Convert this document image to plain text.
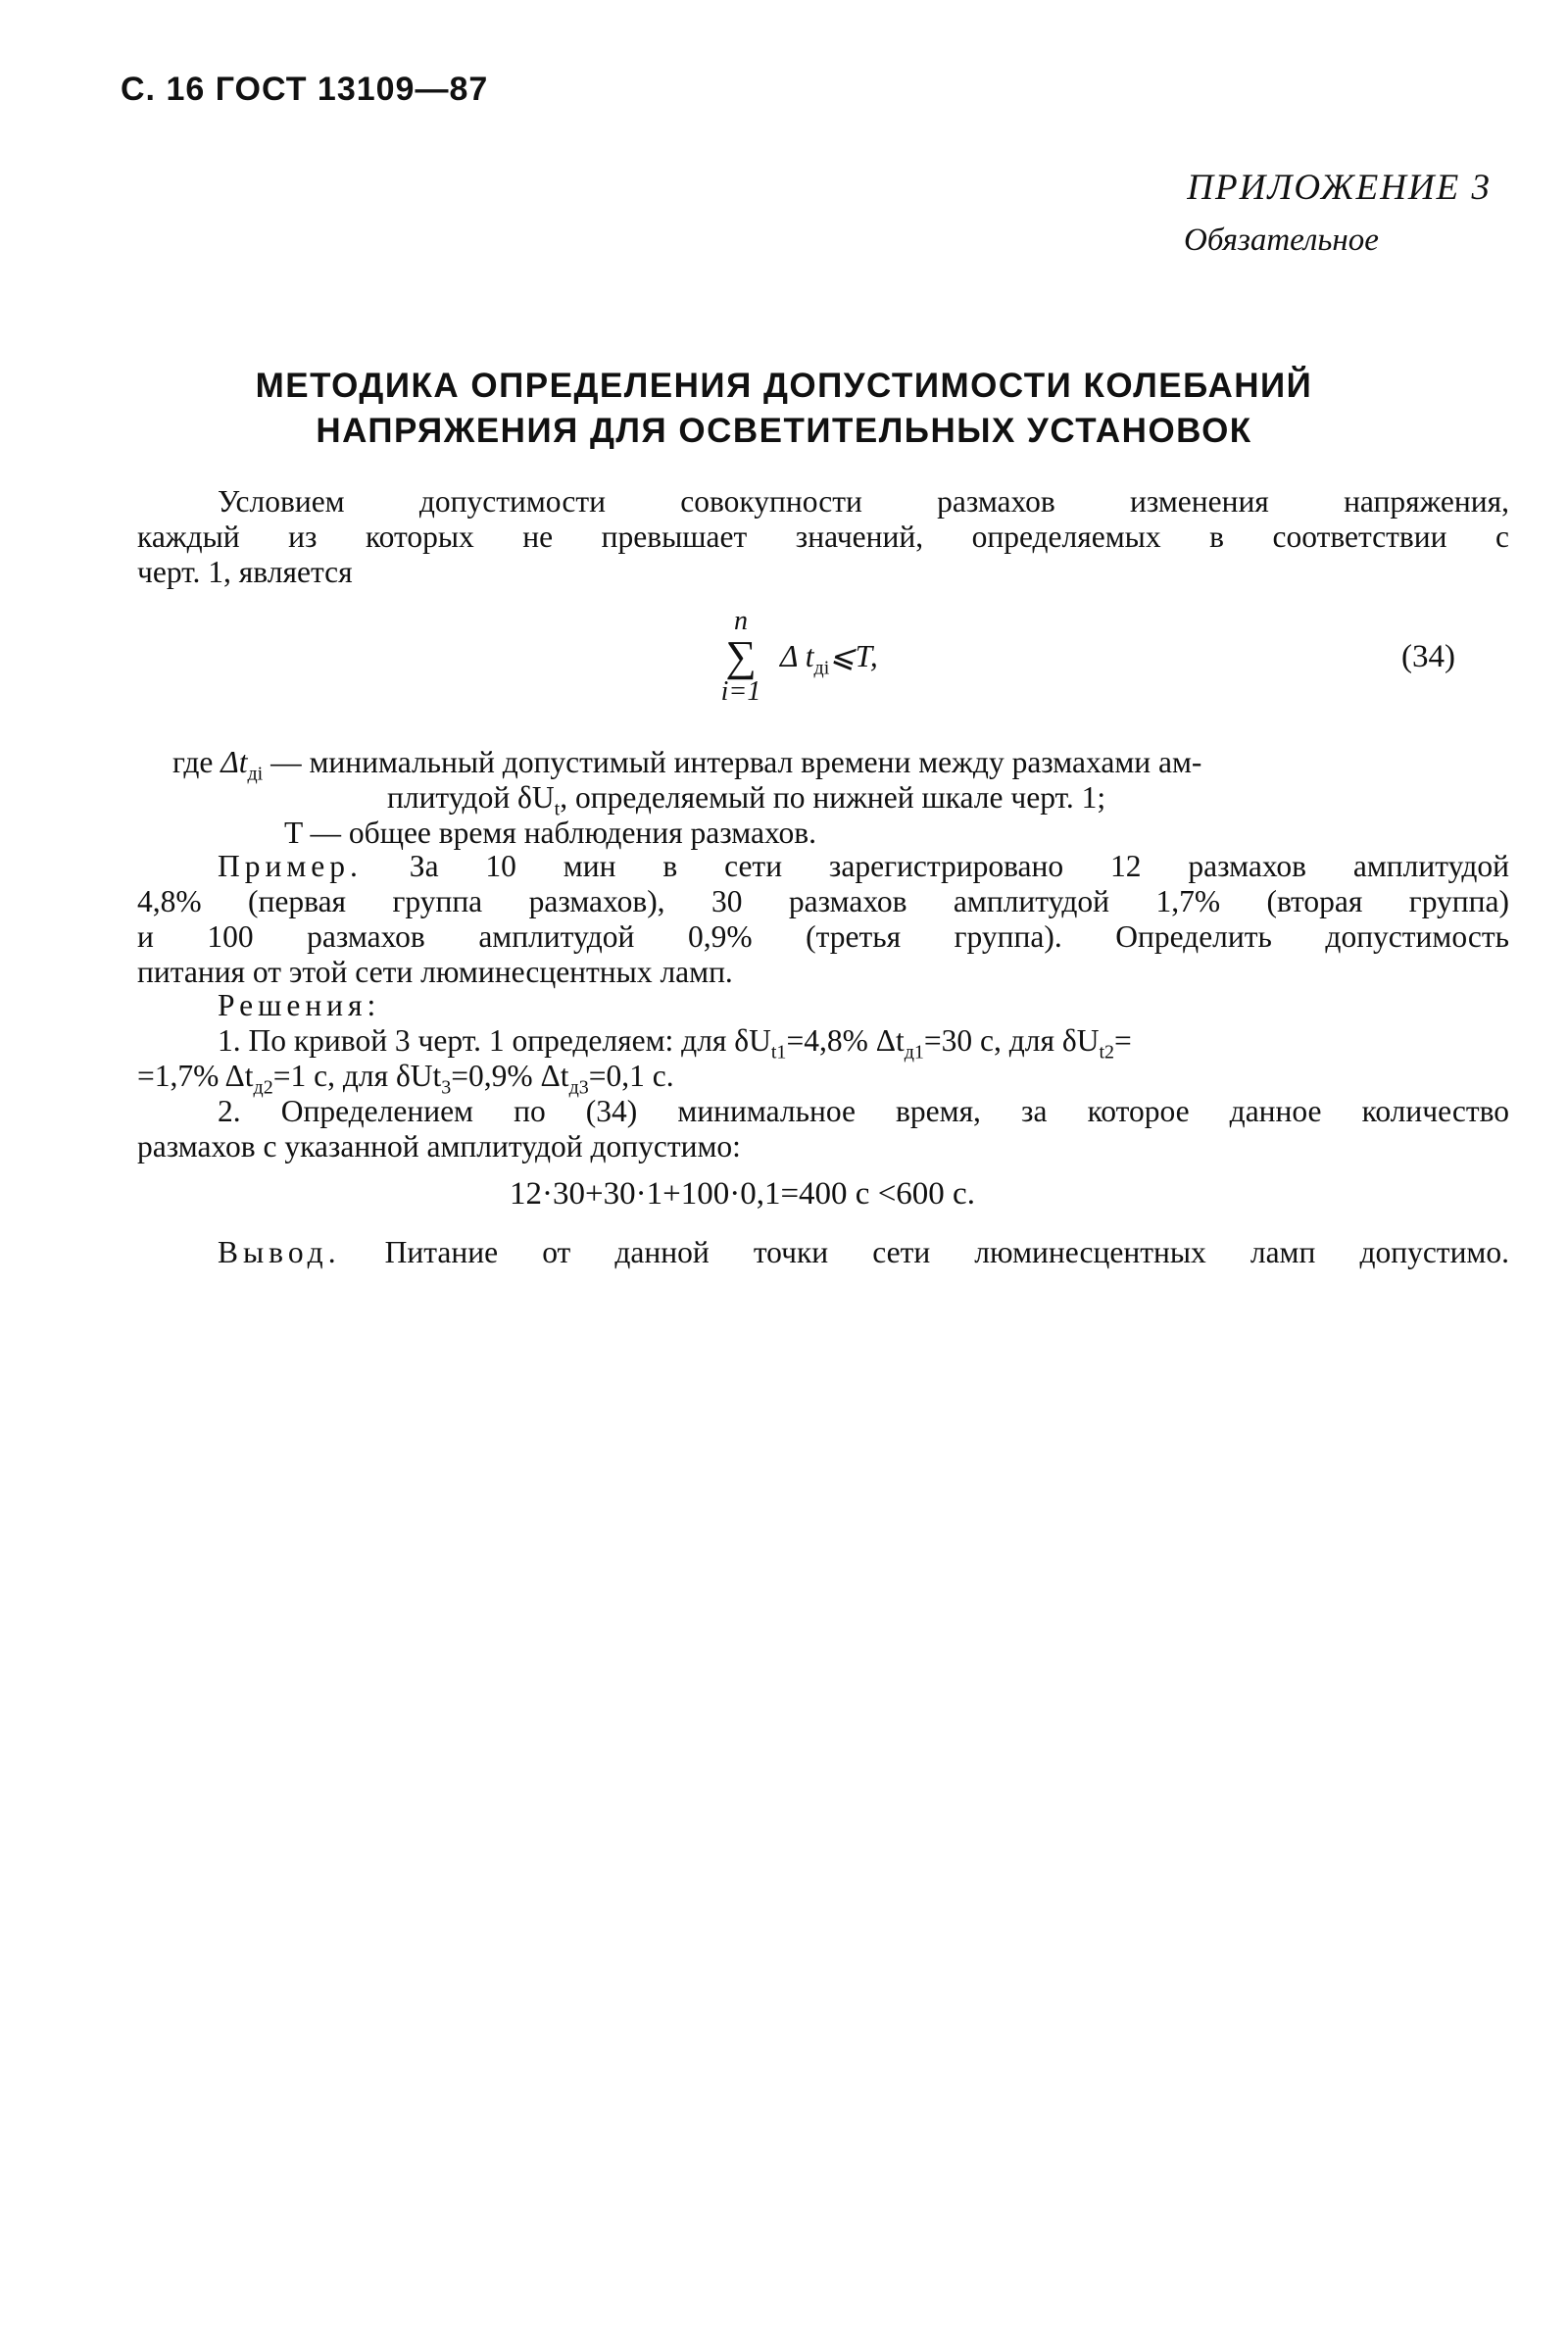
С. 16 ГОСТ 13109—87
ПРИЛОЖЕНИЕ 3
Обязательное
МЕТОДИКА ОПРЕДЕЛЕНИЯ ДОПУСТИМОСТИ КОЛЕБАНИЙ
НАПРЯЖЕНИЯ ДЛЯ ОСВЕТИТЕЛЬНЫХ УСТАНОВОК
Условием допустимости совокупности размахов изменения напряжения,
каждый из которых не превышает значений, определяемых в соответствии с
черт. 1, является
n
∑
i=1
Δ $t_{дi}⩽T$,	(34)
где $\Delta t_{дi}$ — минимальный допустимый интервал времени между размахами ам-
плитудой $\delta U_t$, определяемый по нижней шкале черт. 1;
T — общее время наблюдения размахов.
Пример. За 10 мин в сети зарегистрировано 12 размахов амплитудой
4,8% (первая группа размахов), 30 размахов амплитудой 1,7% (вторая группа)
и 100 размахов амплитудой 0,9% (третья группа). Определить допустимость
питания от этой сети люминесцентных ламп.
Решения:
1. По кривой 3 черт. 1 определяем: для $\delta U_{t1}=4,8\%$ $\Delta t_{д1}=30$ с, для $\delta U_{t2}=$
=1,7% $\Delta t_{д2}=1$ с, для δUt$_3$=0,9% $\Delta t_{д3}=0,1$ с.
2. Определением по (34) минимальное время, за которое данное количество
размахов с указанной амплитудой допустимо:
12·30+30·1+100·0,1=400 с <600 с.
Вывод. Питание от данной точки сети люминесцентных ламп допустимо.
